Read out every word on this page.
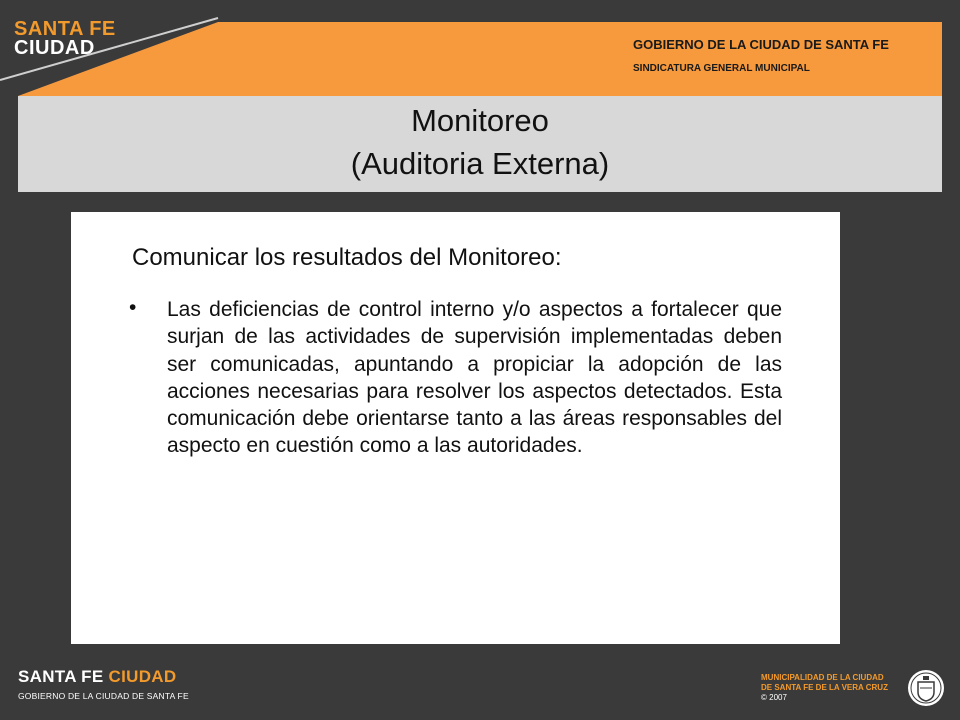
SANTA FE
CIUDAD	GOBIERNO DE LA CIUDAD DE SANTA FE
SINDICATURA GENERAL MUNICIPAL
Monitoreo
(Auditoria Externa)
Comunicar los resultados del Monitoreo:
• Las deficiencias de control interno y/o aspectos a fortalecer que surjan de las actividades de supervisión implementadas deben ser comunicadas, apuntando a propiciar la adopción de las acciones necesarias para resolver los aspectos detectados. Esta comunicación debe orientarse tanto a las áreas responsables del aspecto en cuestión como a las autoridades.
SANTA FE CIUDAD
GOBIERNO DE LA CIUDAD DE SANTA FE
MUNICIPALIDAD DE LA CIUDAD
DE SANTA FE DE LA VERA CRUZ
© 2007
